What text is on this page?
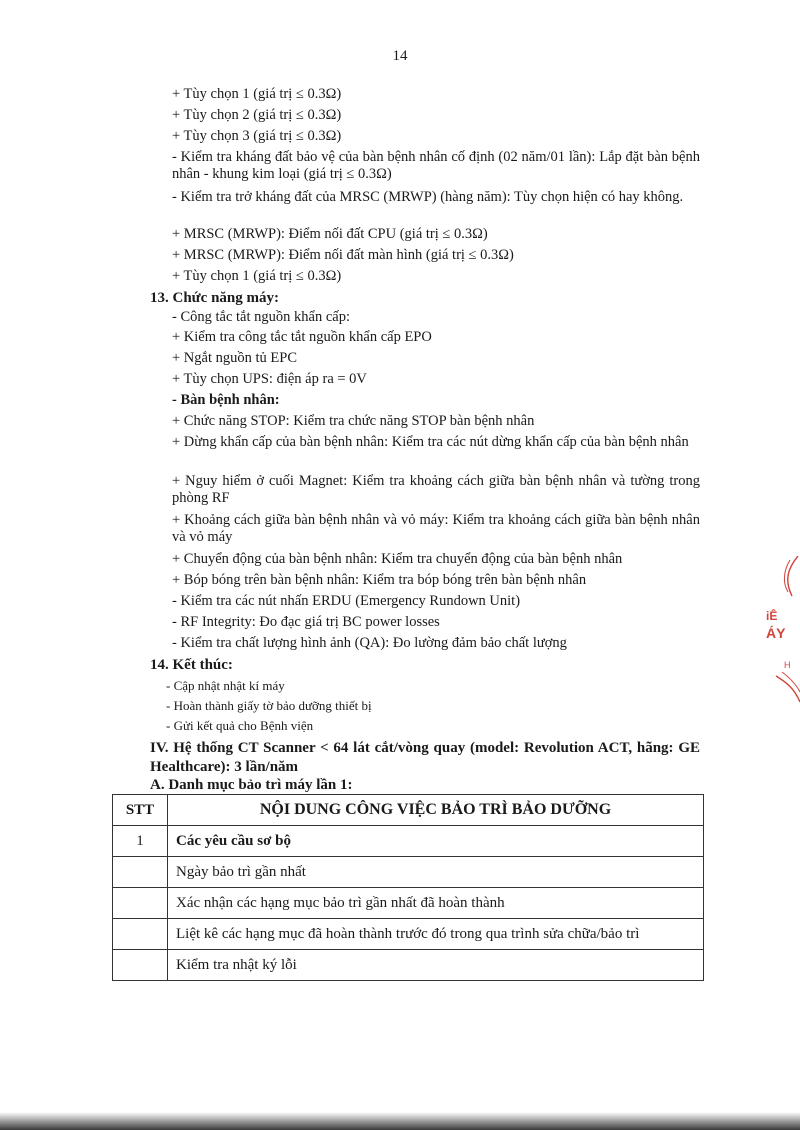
14
+ Tùy chọn 1 (giá trị ≤ 0.3Ω)
+ Tùy chọn 2 (giá trị ≤ 0.3Ω)
+ Tùy chọn 3 (giá trị ≤ 0.3Ω)
- Kiểm tra kháng đất bảo vệ của bàn bệnh nhân cố định (02 năm/01 lần): Lắp đặt bàn bệnh nhân - khung kim loại (giá trị ≤ 0.3Ω)
- Kiểm tra trở kháng đất của MRSC (MRWP) (hàng năm): Tùy chọn hiện có hay không.
+ MRSC (MRWP): Điểm nối đất CPU (giá trị ≤ 0.3Ω)
+ MRSC (MRWP): Điểm nối đất màn hình (giá trị ≤ 0.3Ω)
+ Tùy chọn 1 (giá trị ≤ 0.3Ω)
13. Chức năng máy:
- Công tắc tắt nguồn khẩn cấp:
+ Kiểm tra công tắc tắt nguồn khẩn cấp EPO
+ Ngắt nguồn tủ EPC
+ Tùy chọn UPS: điện áp ra = 0V
- Bàn bệnh nhân:
+ Chức năng STOP: Kiểm tra chức năng STOP bàn bệnh nhân
+ Dừng khẩn cấp của bàn bệnh nhân: Kiểm tra các nút dừng khẩn cấp của bàn bệnh nhân
+ Nguy hiểm ở cuối Magnet: Kiểm tra khoảng cách giữa bàn bệnh nhân và tường trong phòng RF
+ Khoảng cách giữa bàn bệnh nhân và vỏ máy: Kiểm tra khoảng cách giữa bàn bệnh nhân và vỏ máy
+ Chuyển động của bàn bệnh nhân: Kiểm tra chuyển động của bàn bệnh nhân
+ Bóp bóng trên bàn bệnh nhân: Kiểm tra bóp bóng trên bàn bệnh nhân
- Kiểm tra các nút nhấn ERDU (Emergency Rundown Unit)
- RF Integrity: Đo đạc giá trị BC power losses
- Kiểm tra chất lượng hình ảnh (QA): Đo lường đảm bảo chất lượng
14. Kết thúc:
- Cập nhật nhật kí máy
- Hoàn thành giấy tờ bảo dưỡng thiết bị
- Gửi kết quả cho Bệnh viện
IV. Hệ thống CT Scanner < 64 lát cắt/vòng quay (model: Revolution ACT, hãng: GE Healthcare): 3 lần/năm
A. Danh mục bảo trì máy lần 1:
STT	NỘI DUNG CÔNG VIỆC BẢO TRÌ BẢO DƯỠNG
1	Các yêu cầu sơ bộ
	Ngày bảo trì gần nhất
	Xác nhận các hạng mục bảo trì gần nhất đã hoàn thành
	Liệt kê các hạng mục đã hoàn thành trước đó trong qua trình sửa chữa/bảo trì
	Kiểm tra nhật ký lỗi
iÊ
ÁY
H
